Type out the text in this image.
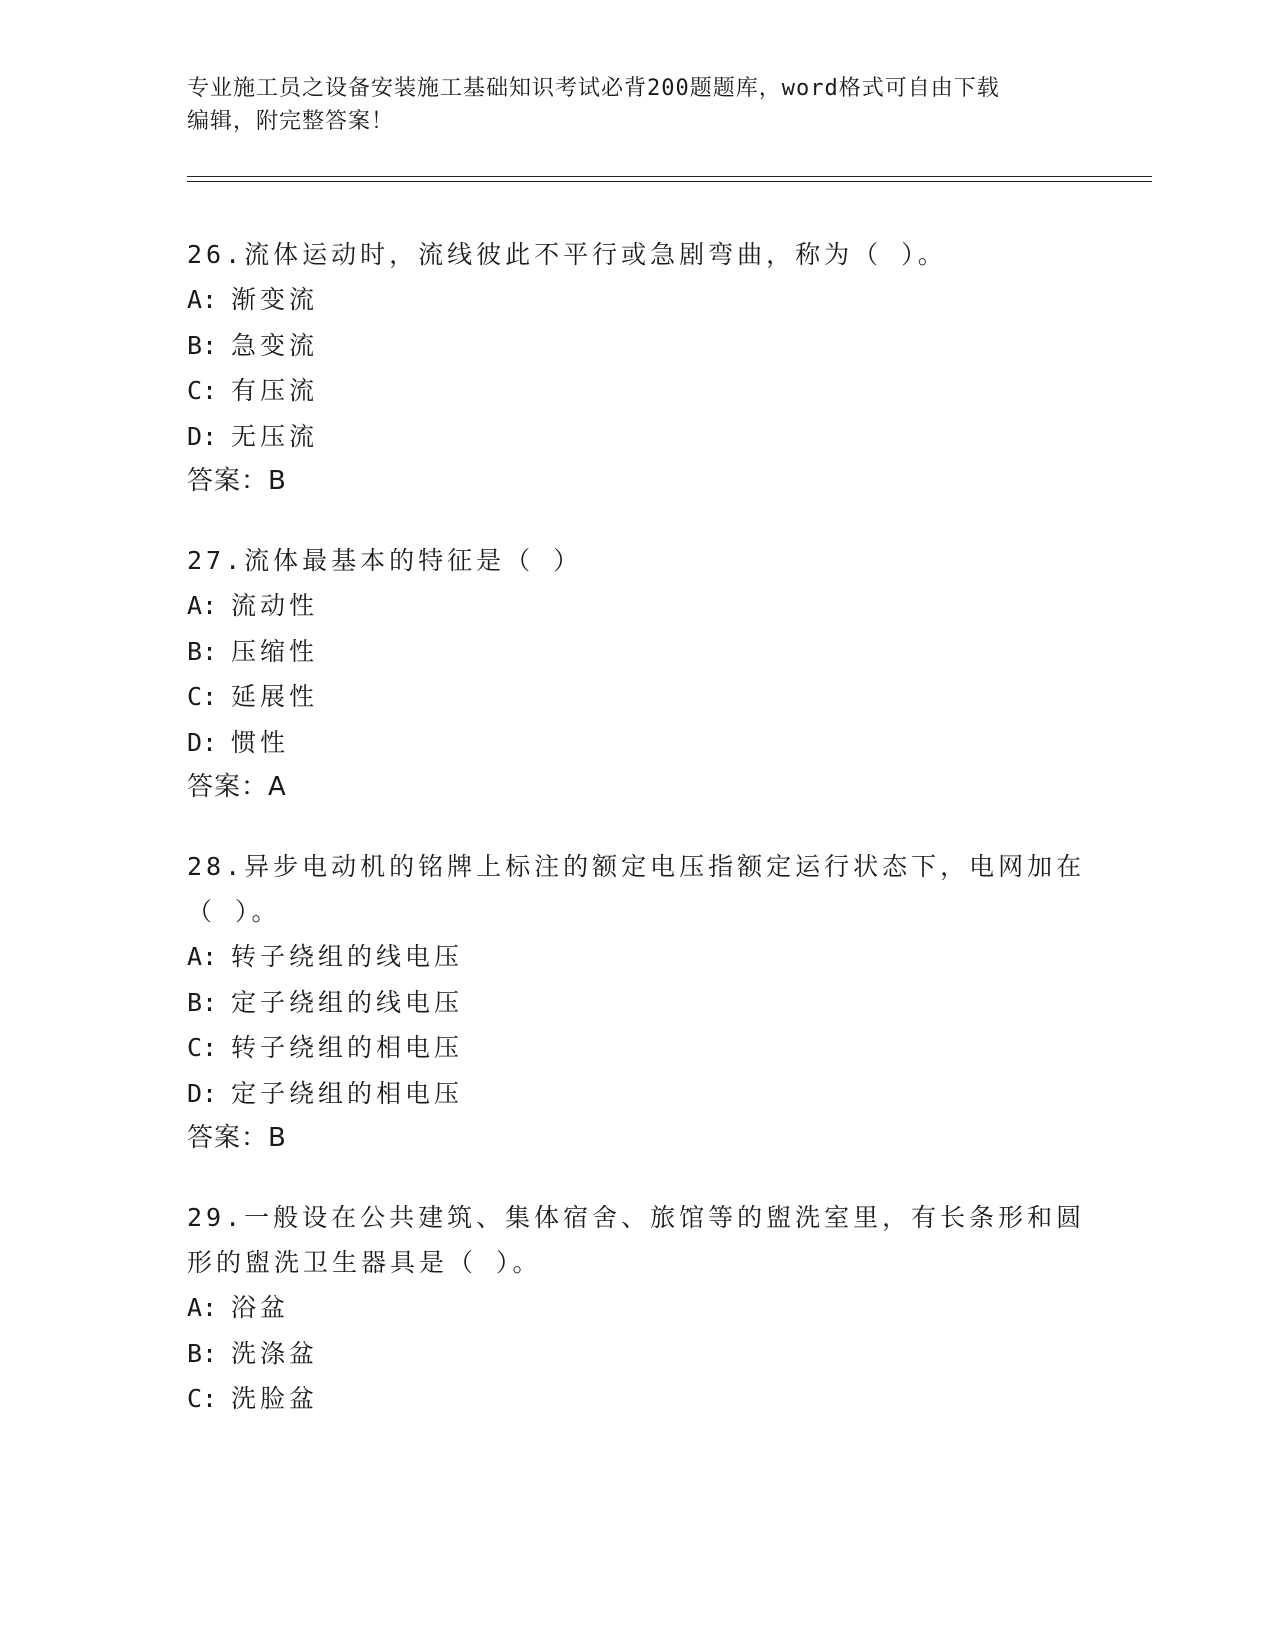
专业施工员之设备安装施工基础知识考试必背200题题库，word格式可自由下载
编辑，附完整答案！
26.流体运动时，流线彼此不平行或急剧弯曲，称为（ ）。
A: 渐变流
B: 急变流
C: 有压流
D: 无压流
答案：B
27.流体最基本的特征是（ ）
A: 流动性
B: 压缩性
C: 延展性
D: 惯性
答案：A
28.异步电动机的铭牌上标注的额定电压指额定运行状态下，电网加在
（ ）。
A: 转子绕组的线电压
B: 定子绕组的线电压
C: 转子绕组的相电压
D: 定子绕组的相电压
答案：B
29.一般设在公共建筑、集体宿舍、旅馆等的盥洗室里，有长条形和圆
形的盥洗卫生器具是（ ）。
A: 浴盆
B: 洗涤盆
C: 洗脸盆
